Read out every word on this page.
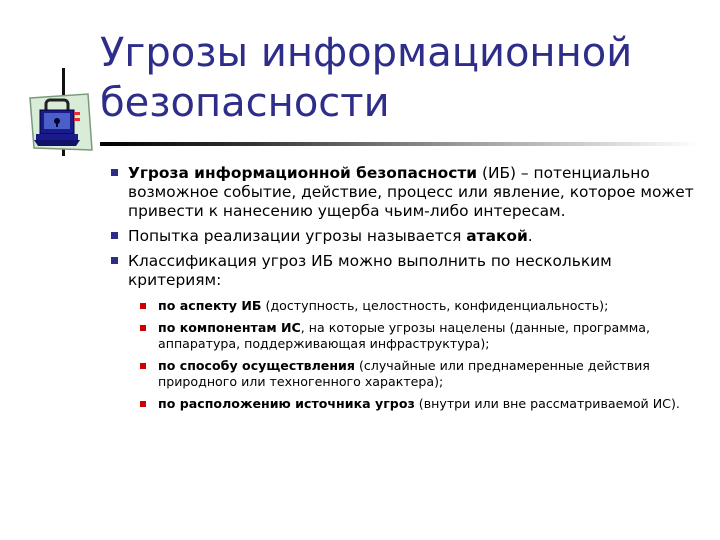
Угрозы информационной
безопасности
Угроза информационной безопасности (ИБ) – потенциально возможное событие, действие, процесс или явление, которое может привести к нанесению ущерба чьим-либо интересам.
Попытка реализации угрозы называется атакой.
Классификация угроз ИБ можно выполнить по нескольким критериям:
по аспекту ИБ (доступность, целостность, конфиденциальность);
по компонентам ИС, на которые угрозы нацелены (данные, программа, аппаратура, поддерживающая инфраструктура);
по способу осуществления (случайные или преднамеренные действия природного или техногенного характера);
по расположению источника угроз (внутри или вне рассматриваемой ИС).
